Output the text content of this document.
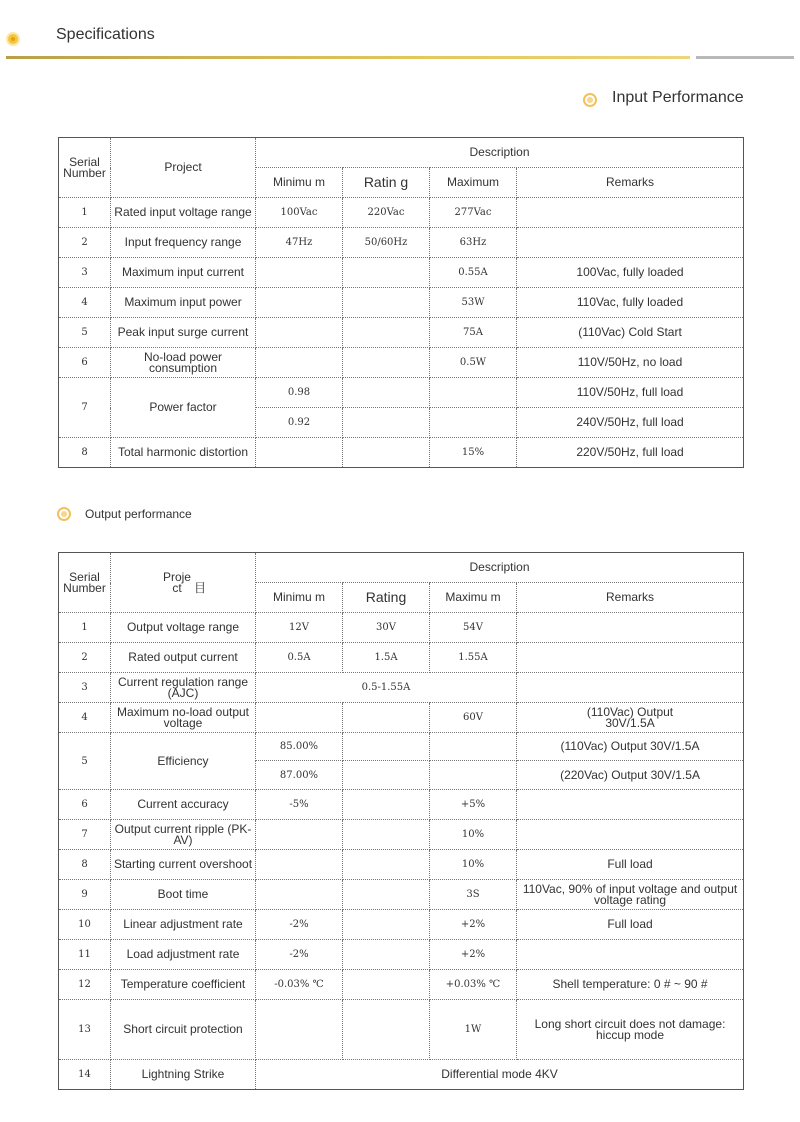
Specifications
Input Performance
Serial Number	Project	Description			
		Minimu m	Ratin g	Maximum	Remarks
1	Rated input voltage range	100Vac	220Vac	277Vac	
2	Input frequency range	47Hz	50/60Hz	63Hz	
3	Maximum input current			0.55A	100Vac, fully loaded
4	Maximum input power			53W	110Vac, fully loaded
5	Peak input surge current			75A	(110Vac) Cold Start
6	No-load power consumption			0.5W	110V/50Hz, no load
7	Power factor	0.98			110V/50Hz, full load
		0.92			240V/50Hz, full load
8	Total harmonic distortion			15%	220V/50Hz, full load
Output performance
Serial Number	Proje ct 目	Description			
		Minimu m	Rating	Maximu m	Remarks
1	Output voltage range	12V	30V	54V	
2	Rated output current	0.5A	1.5A	1.55A	
3	Current regulation range (AJC)	0.5-1.55A			
4	Maximum no-load output voltage			60V	(110Vac) Output 30V/1.5A
5	Efficiency	85.00%			(110Vac) Output 30V/1.5A
		87.00%			(220Vac) Output 30V/1.5A
6	Current accuracy	-5%		+5%	
7	Output current ripple (PK-AV)			10%	
8	Starting current overshoot			10%	Full load
9	Boot time			3S	110Vac, 90% of input voltage and output voltage rating
10	Linear adjustment rate	-2%		+2%	Full load
11	Load adjustment rate	-2%		+2%	
12	Temperature coefficient	-0.03% ℃		+0.03% ℃	Shell temperature: 0 # ~ 90 #
13	Short circuit protection			1W	Long short circuit does not damage: hiccup mode
14	Lightning Strike	Differential mode 4KV			
